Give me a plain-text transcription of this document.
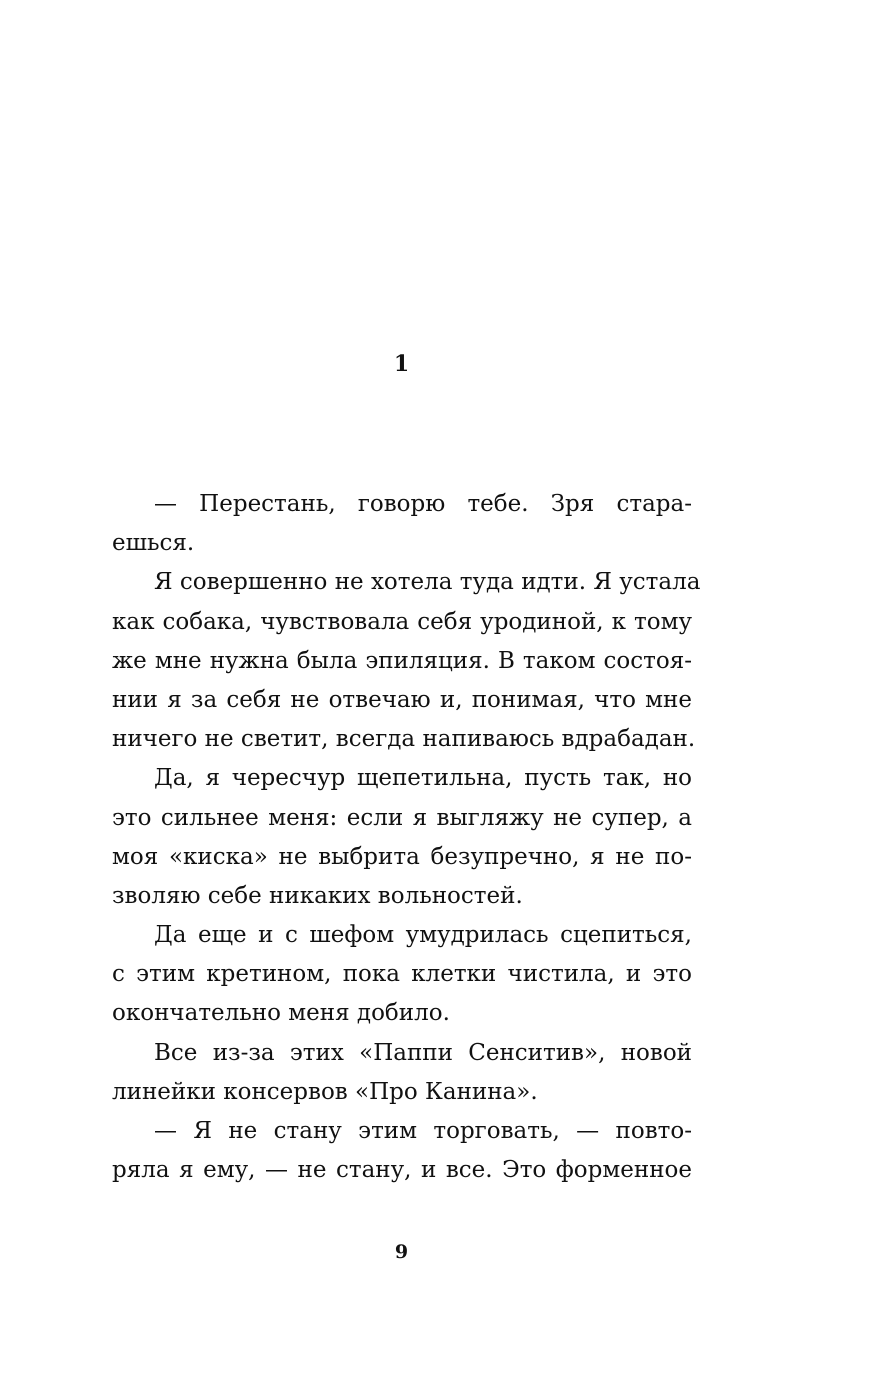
1
— Перестань, говорю тебе. Зря стара-
ешься.
Я совершенно не хотела туда идти. Я устала
как собака, чувствовала себя уродиной, к тому
же мне нужна была эпиляция. В таком состоя-
нии я за себя не отвечаю и, понимая, что мне
ничего не светит, всегда напиваюсь вдрабадан.
Да, я чересчур щепетильна, пусть так, но
это сильнее меня: если я выгляжу не супер, а
моя «киска» не выбрита безупречно, я не по-
зволяю себе никаких вольностей.
Да еще и с шефом умудрилась сцепиться,
с этим кретином, пока клетки чистила, и это
окончательно меня добило.
Все из-за этих «Паппи Сенситив», новой
линейки консервов «Про Канина».
— Я не стану этим торговать, — повто-
ряла я ему, — не стану, и все. Это форменное
9
